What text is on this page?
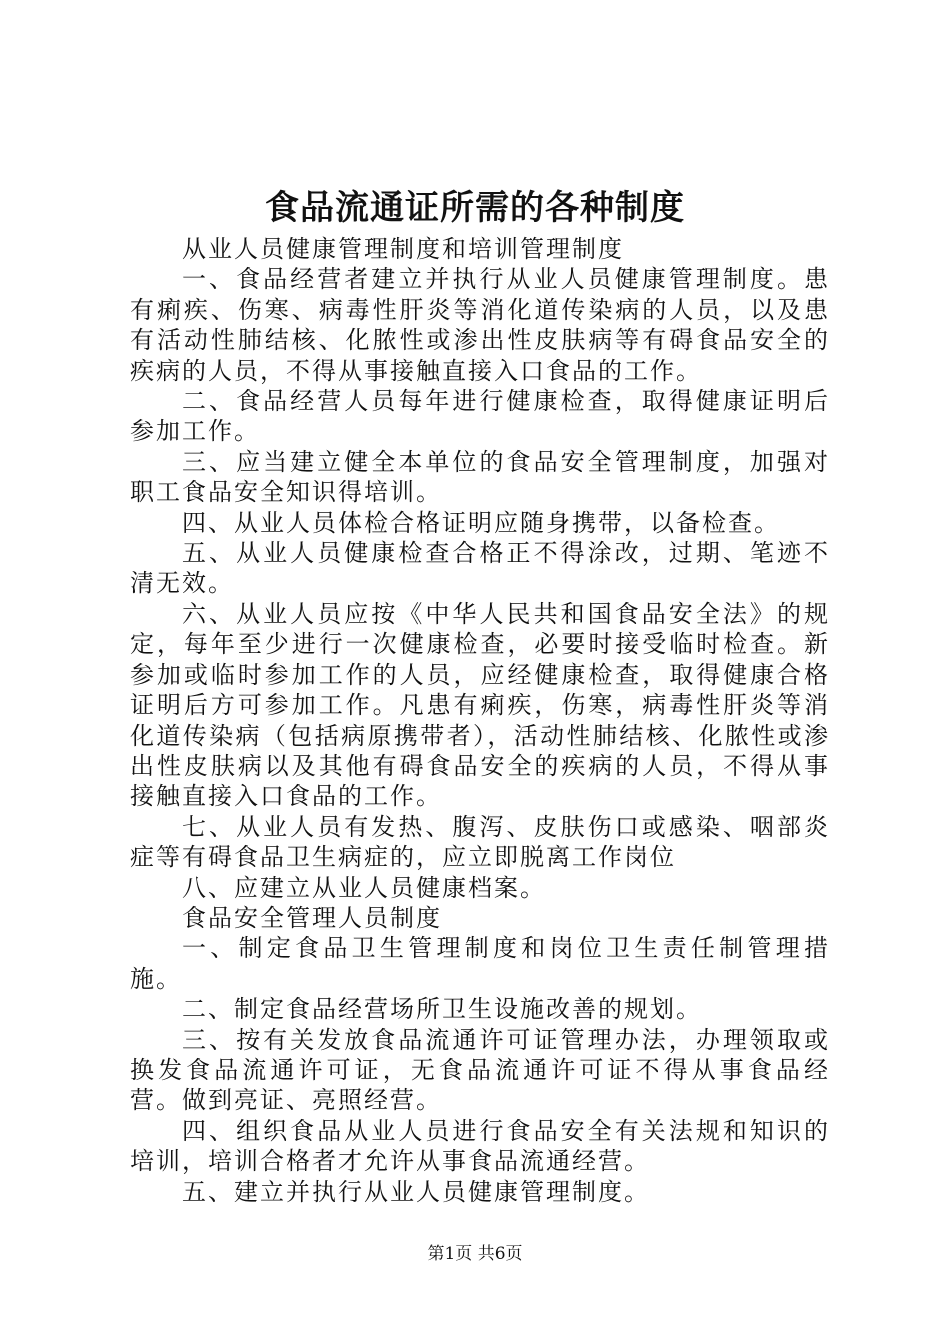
食品流通证所需的各种制度

从业人员健康管理制度和培训管理制度

一、食品经营者建立并执行从业人员健康管理制度。患有痢疾、伤寒、病毒性肝炎等消化道传染病的人员，以及患有活动性肺结核、化脓性或渗出性皮肤病等有碍食品安全的疾病的人员，不得从事接触直接入口食品的工作。

二、食品经营人员每年进行健康检查，取得健康证明后参加工作。

三、应当建立健全本单位的食品安全管理制度，加强对职工食品安全知识得培训。

四、从业人员体检合格证明应随身携带，以备检查。

五、从业人员健康检查合格正不得涂改，过期、笔迹不清无效。

六、从业人员应按《中华人民共和国食品安全法》的规定，每年至少进行一次健康检查，必要时接受临时检查。新参加或临时参加工作的人员，应经健康检查，取得健康合格证明后方可参加工作。凡患有痢疾，伤寒，病毒性肝炎等消化道传染病（包括病原携带者），活动性肺结核、化脓性或渗出性皮肤病以及其他有碍食品安全的疾病的人员，不得从事接触直接入口食品的工作。

七、从业人员有发热、腹泻、皮肤伤口或感染、咽部炎症等有碍食品卫生病症的，应立即脱离工作岗位

八、应建立从业人员健康档案。

食品安全管理人员制度

一、制定食品卫生管理制度和岗位卫生责任制管理措施。

二、制定食品经营场所卫生设施改善的规划。

三、按有关发放食品流通许可证管理办法，办理领取或换发食品流通许可证，无食品流通许可证不得从事食品经营。做到亮证、亮照经营。

四、组织食品从业人员进行食品安全有关法规和知识的培训，培训合格者才允许从事食品流通经营。

五、建立并执行从业人员健康管理制度。

第1页 共6页
